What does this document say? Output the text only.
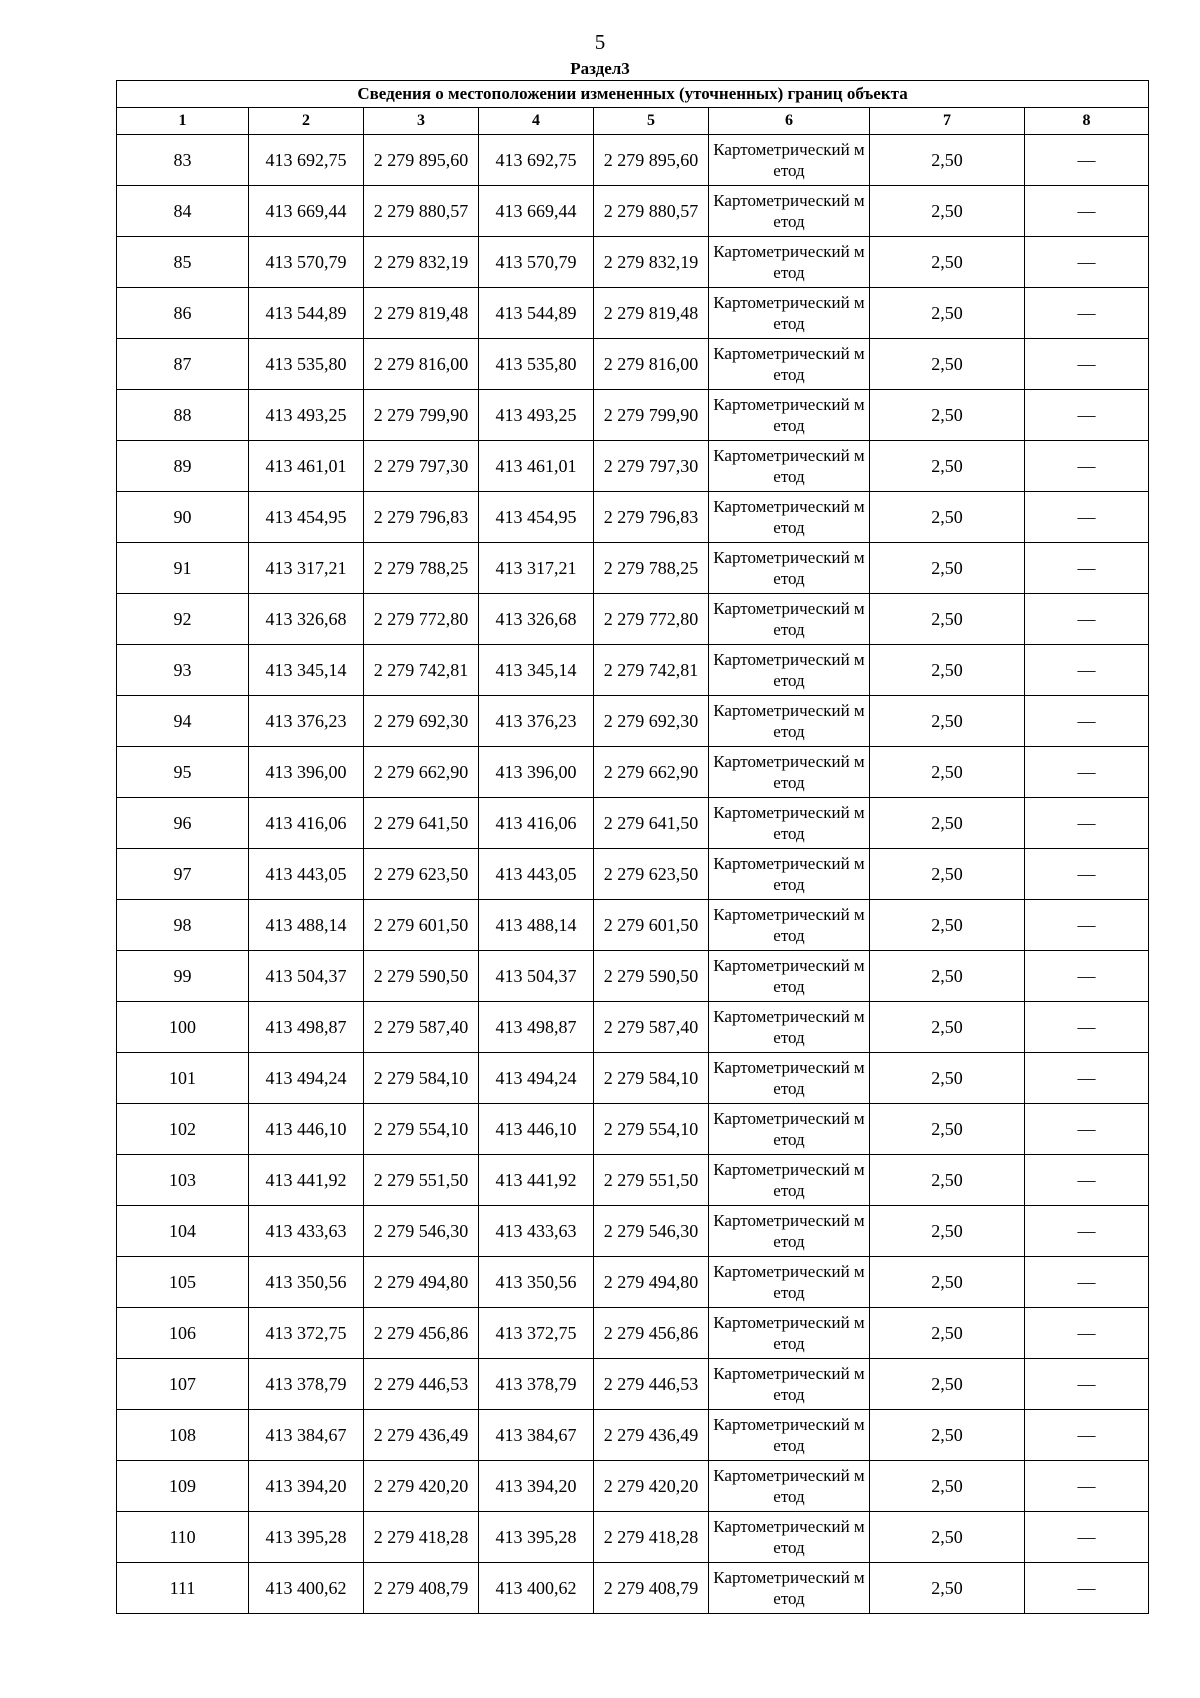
5
Раздел3
Сведения о местоположении измененных (уточненных) границ объекта							
1	2	3	4	5	6	7	8
83	413 692,75	2 279 895,60	413 692,75	2 279 895,60	Картометрический метод	2,50	—
84	413 669,44	2 279 880,57	413 669,44	2 279 880,57	Картометрический метод	2,50	—
85	413 570,79	2 279 832,19	413 570,79	2 279 832,19	Картометрический метод	2,50	—
86	413 544,89	2 279 819,48	413 544,89	2 279 819,48	Картометрический метод	2,50	—
87	413 535,80	2 279 816,00	413 535,80	2 279 816,00	Картометрический метод	2,50	—
88	413 493,25	2 279 799,90	413 493,25	2 279 799,90	Картометрический метод	2,50	—
89	413 461,01	2 279 797,30	413 461,01	2 279 797,30	Картометрический метод	2,50	—
90	413 454,95	2 279 796,83	413 454,95	2 279 796,83	Картометрический метод	2,50	—
91	413 317,21	2 279 788,25	413 317,21	2 279 788,25	Картометрический метод	2,50	—
92	413 326,68	2 279 772,80	413 326,68	2 279 772,80	Картометрический метод	2,50	—
93	413 345,14	2 279 742,81	413 345,14	2 279 742,81	Картометрический метод	2,50	—
94	413 376,23	2 279 692,30	413 376,23	2 279 692,30	Картометрический метод	2,50	—
95	413 396,00	2 279 662,90	413 396,00	2 279 662,90	Картометрический метод	2,50	—
96	413 416,06	2 279 641,50	413 416,06	2 279 641,50	Картометрический метод	2,50	—
97	413 443,05	2 279 623,50	413 443,05	2 279 623,50	Картометрический метод	2,50	—
98	413 488,14	2 279 601,50	413 488,14	2 279 601,50	Картометрический метод	2,50	—
99	413 504,37	2 279 590,50	413 504,37	2 279 590,50	Картометрический метод	2,50	—
100	413 498,87	2 279 587,40	413 498,87	2 279 587,40	Картометрический метод	2,50	—
101	413 494,24	2 279 584,10	413 494,24	2 279 584,10	Картометрический метод	2,50	—
102	413 446,10	2 279 554,10	413 446,10	2 279 554,10	Картометрический метод	2,50	—
103	413 441,92	2 279 551,50	413 441,92	2 279 551,50	Картометрический метод	2,50	—
104	413 433,63	2 279 546,30	413 433,63	2 279 546,30	Картометрический метод	2,50	—
105	413 350,56	2 279 494,80	413 350,56	2 279 494,80	Картометрический метод	2,50	—
106	413 372,75	2 279 456,86	413 372,75	2 279 456,86	Картометрический метод	2,50	—
107	413 378,79	2 279 446,53	413 378,79	2 279 446,53	Картометрический метод	2,50	—
108	413 384,67	2 279 436,49	413 384,67	2 279 436,49	Картометрический метод	2,50	—
109	413 394,20	2 279 420,20	413 394,20	2 279 420,20	Картометрический метод	2,50	—
110	413 395,28	2 279 418,28	413 395,28	2 279 418,28	Картометрический метод	2,50	—
111	413 400,62	2 279 408,79	413 400,62	2 279 408,79	Картометрический метод	2,50	—
